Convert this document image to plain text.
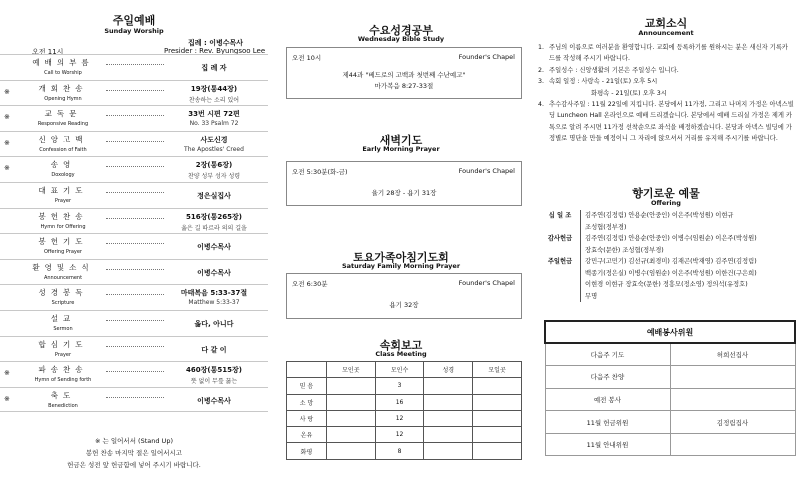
주일예배
Sunday Worship
오전 11시
집례 : 이병수목사
Presider : Rev. Byungsoo Lee
예배의부름
Call to Worship
집 례 자
※	개회찬송
Opening Hymn
19장(통44장)
찬송하는 소리 있어
※	교독문
Responsive Reading
33번 시편 72편
No. 33 Psalm 72
※	신앙고백
Confession of Faith
사도신경
The Apostles' Creed
※	송영
Doxology
2장(통6장)
찬양 성부 성자 성령
대표기도
Prayer
정은실집사
봉헌찬송
Hymn for Offering
516장(통265장)
옳은 길 따르라 의의 길을
봉헌기도
Offering Prayer
이병수목사
환영및소식
Announcement
이병수목사
성경봉독
Scripture
마태복음 5:33-37절
Matthew 5:33-37
설교
Sermon
옳다, 아니다
합심기도
Prayer
다 같 이
※	파송찬송
Hymn of Sending forth
460장(통515장)
뜻 없이 무릎 꿇는
※	축도
Benediction
이병수목사
※ 는 일어서서 (Stand Up)
봉헌 찬송 마지막 절은 일어서시고
헌금은 성전 앞 헌금함에 넣어 주시기 바랍니다.
수요성경공부
Wednesday Bible Study
오전 10시	Founder's Chapel
제44과 "베드로의 고백과 첫번째 수난예고"
마가복음 8:27-33절
새벽기도
Early Morning Prayer
오전 5:30분(화-금)	Founder's Chapel
율기 28장 - 욥기 31장
토요가족아침기도회
Saturday Family Morning Prayer
오전 6:30분	Founder's Chapel
욥기 32장
속회보고
Class Meeting
	모인곳	모인수	성경	모일곳
믿 음		3		
소 망		16		
사 랑		12		
온유		12		
화평		8		
교회소식
Announcement
1. 주님의 이름으로 여러분을 환영합니다. 교회에 등록하기를 원하시는 분은 새신자 기록카드를 작성해 주시기 바랍니다.
2. 주일성수 : 신앙생활의 기본은 주일성수 입니다.
3. 속회 일정 : 사랑속 - 21일(토) 오후 5시
화평속 - 21일(토) 오후 3시
4. 추수감사주일 : 11월 22일에 지킵니다. 본당에서 11가정, 그리고 나머지 가정은 아넥스빌딩 Luncheon Hall 온라인으로 예배 드리겠습니다. 본당에서 예배 드리실 가정은 제게 카톡으로 알려 주시면 11가정 선착순으로 좌석을 배정하겠습니다. 본당과 아넥스 빌딩에 가정별로 명단을 만들 예정이니 그 자리에 앉으셔서 거리를 유지해 주시기를 바랍니다.
향기로운 예물
Offering
십 일 조	김주연(김정림) 안용순(안중인) 이은주(박성원) 이현규
조성협(정부경)
감사헌금	김주연(김정림) 안용순(안중인) 이병수(임원순) 이은주(박성원)
장효숙(문한) 조성협(정부경)
주일헌금	강민구(고민기) 김선규(최경미) 김재곤(박재영) 김주연(김정림)
백종기(정은실) 이병수(임원순) 이은주(박성원) 이한건(구은희)
이현경 이현규 장효숙(문한) 정흥모(정소영) 정의석(유정호)
무명
예배봉사위원	
다음주 기도	허희선집사
다음주 찬양	
예전 봉사	
11월 헌금위원	김정림집사
11월 안내위원	
